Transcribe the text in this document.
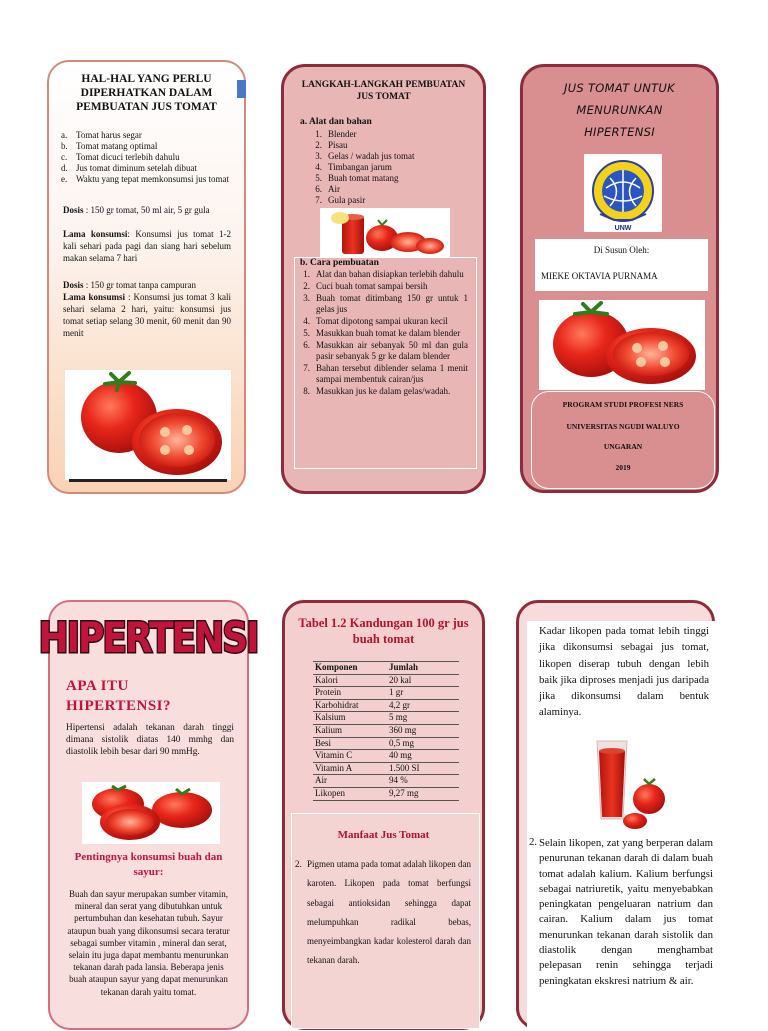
HAL-HAL YANG PERLU DIPERHATKAN DALAM PEMBUATAN JUS TOMAT
a. Tomat harus segar
b. Tomat matang optimal
c. Tomat dicuci terlebih dahulu
d. Jus tomat diminum setelah dibuat
e. Waktu yang tepat memkonsumsi jus tomat
Dosis : 150 gr tomat, 50 ml air, 5 gr gula
Lama konsumsi: Konsumsi jus tomat 1-2 kali sehari pada pagi dan siang hari sebelum makan selama 7 hari
Dosis : 150 gr tomat tanpa campuran
Lama konsumsi : Konsumsi jus tomat 3 kali sehari selama 2 hari, yaitu: konsumsi jus tomat setiap selang 30 menit, 60 menit dan 90 menit
LANGKAH-LANGKAH PEMBUATAN JUS TOMAT
a. Alat dan bahan
1. Blender
2. Pisau
3. Gelas / wadah jus tomat
4. Timbangan jarum
5. Buah tomat matang
6. Air
7. Gula pasir
b. Cara pembuatan
1. Alat dan bahan disiapkan terlebih dahulu
2. Cuci buah tomat sampai bersih
3. Buah tomat ditimbang 150 gr untuk 1 gelas jus
4. Tomat dipotong sampai ukuran kecil
5. Masukkan buah tomat ke dalam blender
6. Masukkan air sebanyak 50 ml dan gula pasir sebanyak 5 gr ke dalam blender
7. Bahan tersebut diblender selama 1 menit sampai membentuk cairan/jus
8. Masukkan jus ke dalam gelas/wadah.
JUS TOMAT UNTUK
MENURUNKAN
HIPERTENSI
UNW
Di Susun Oleh:
MIEKE OKTAVIA PURNAMA
PROGRAM STUDI PROFESI NERS
UNIVERSITAS NGUDI WALUYO
UNGARAN
2019
HIPERTENSI
APA ITU HIPERTENSI?
Hipertensi adalah tekanan darah tinggi dimana sistolik diatas 140 mmhg dan diastolik lebih besar dari 90 mmHg.
Pentingnya konsumsi buah dan sayur:
Buah dan sayur merupakan sumber vitamin, mineral dan serat yang dibutuhkan untuk pertumbuhan dan kesehatan tubuh. Sayur ataupun buah yang dikonsumsi secara teratur sebagai sumber vitamin , mineral dan serat, selain itu juga dapat membantu menurunkan tekanan darah pada lansia. Beberapa jenis buah ataupun sayur yang dapat menurunkan tekanan darah yaitu tomat.
Tabel 1.2 Kandungan 100 gr jus buah tomat
Komponen	Jumlah
Kalori	20 kal
Protein	1 gr
Karbohidrat	4,2 gr
Kalsium	5 mg
Kalium	360 mg
Besi	0,5 mg
Vitamin C	40 mg
Vitamin A	1.500 SI
Air	94 %
Likopen	9,27 mg
Manfaat Jus Tomat
2. Pigmen utama pada tomat adalah likopen dan karoten. Likopen pada tomat berfungsi sebagai antioksidan sehingga dapat melumpuhkan radikal bebas, menyeimbangkan kadar kolesterol darah dan tekanan darah.
Kadar likopen pada tomat lebih tinggi jika dikonsumsi sebagai jus tomat, likopen diserap tubuh dengan lebih baik jika diproses menjadi jus daripada jika dikonsumsi dalam bentuk alaminya.
2. Selain likopen, zat yang berperan dalam penurunan tekanan darah di dalam buah tomat adalah kalium. Kalium berfungsi sebagai natriuretik, yaitu menyebabkan peningkatan pengeluaran natrium dan cairan. Kalium dalam jus tomat menurunkan tekanan darah sistolik dan diastolik dengan menghambat pelepasan renin sehingga terjadi peningkatan ekskresi natrium & air.
